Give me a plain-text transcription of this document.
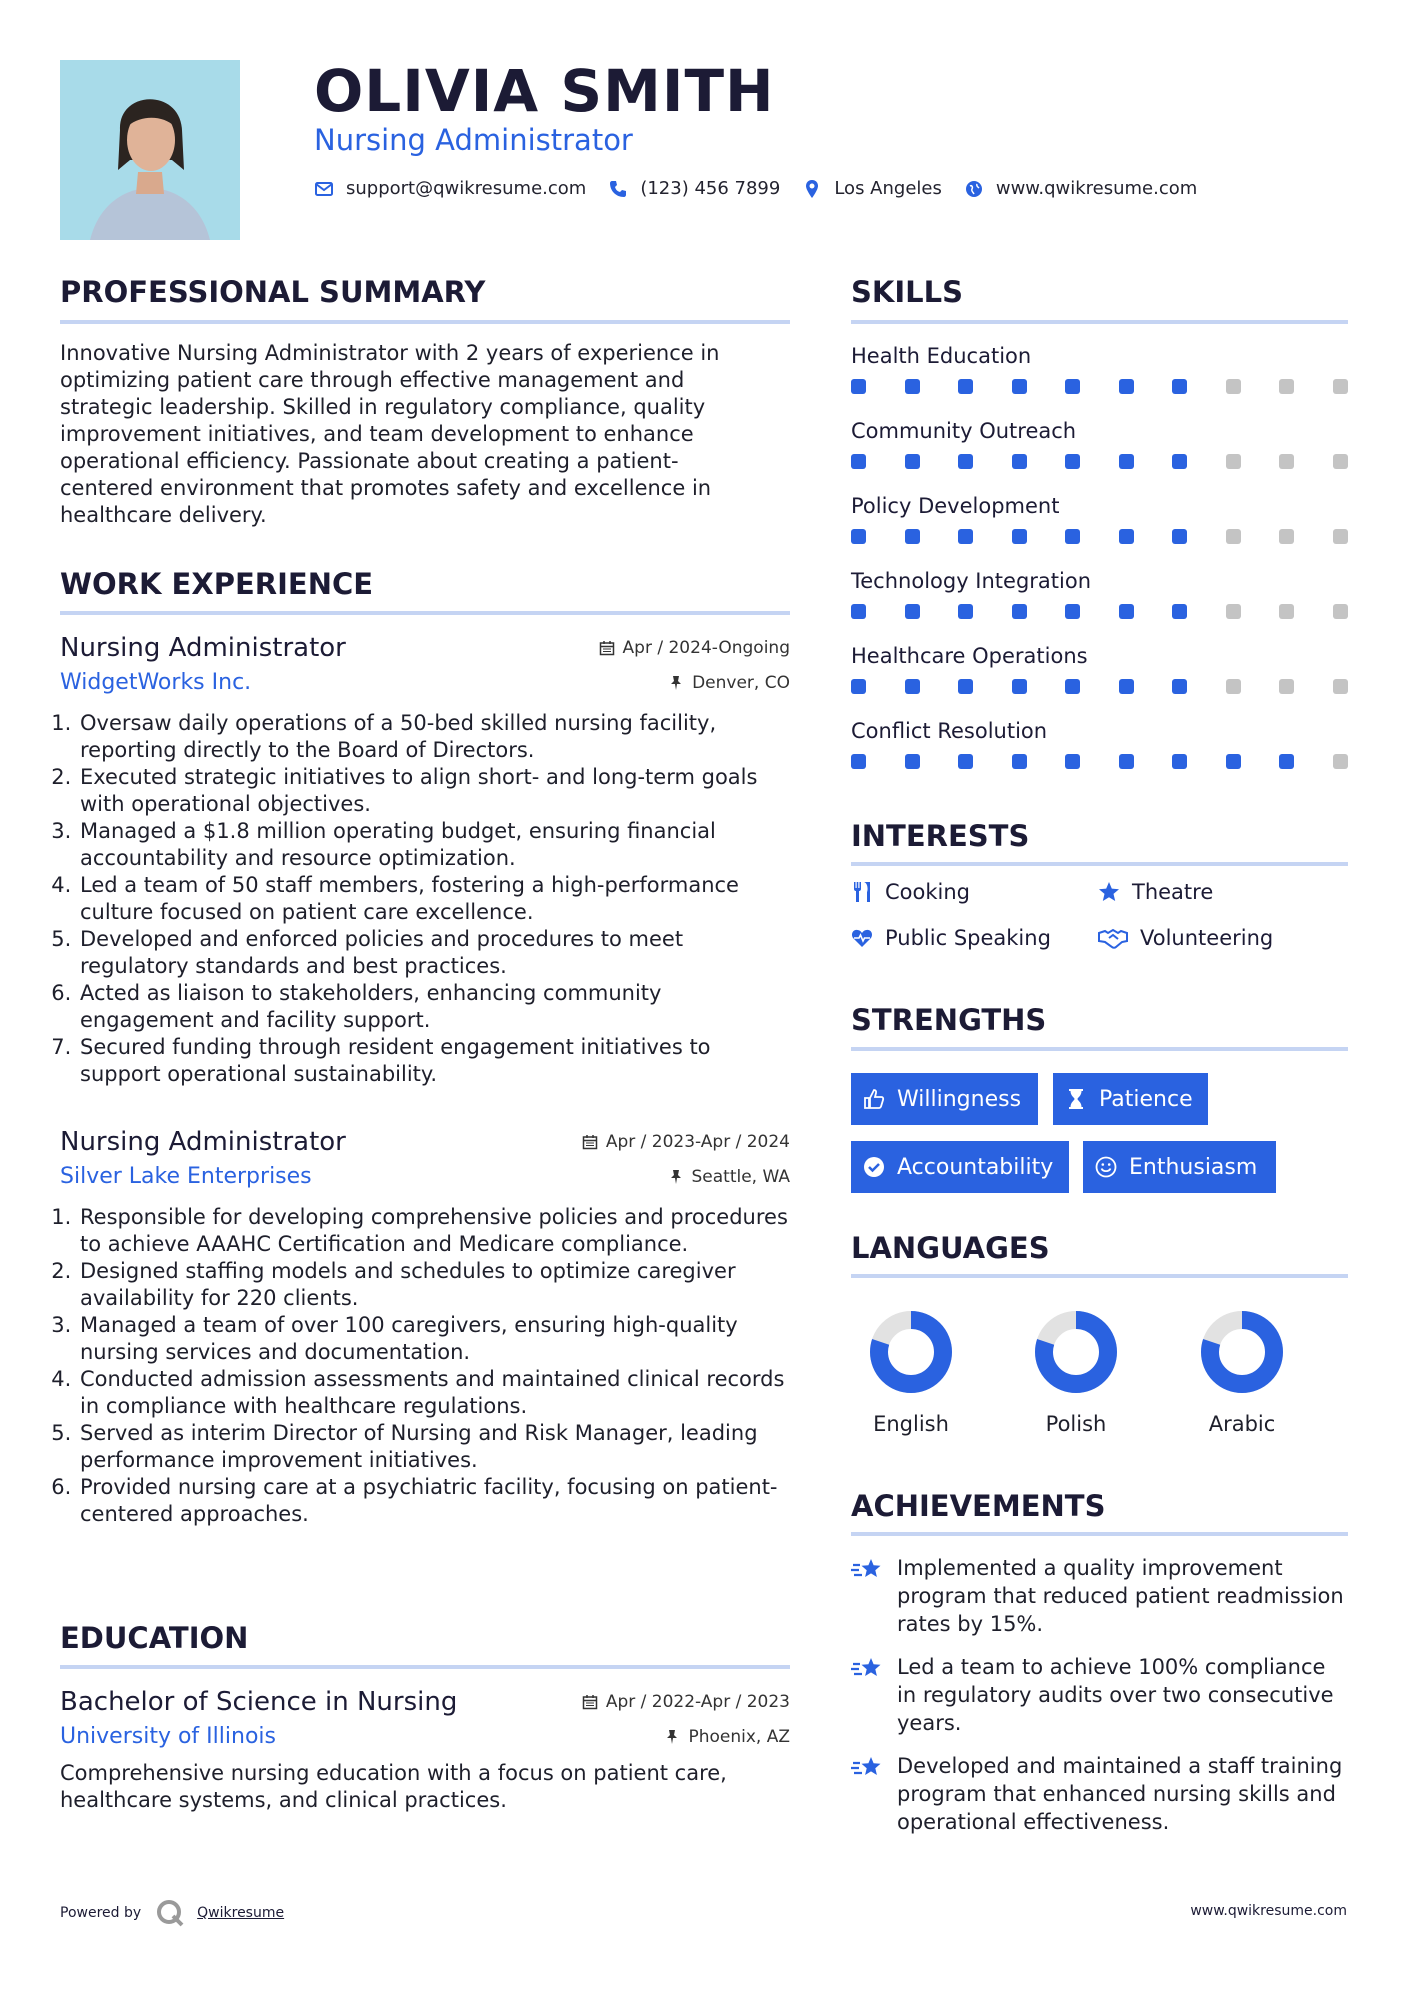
OLIVIA SMITH
Nursing Administrator
support@qwikresume.com	(123) 456 7899	Los Angeles	www.qwikresume.com
PROFESSIONAL SUMMARY
Innovative Nursing Administrator with 2 years of experience in
optimizing patient care through effective management and
strategic leadership. Skilled in regulatory compliance, quality
improvement initiatives, and team development to enhance
operational efficiency. Passionate about creating a patient-
centered environment that promotes safety and excellence in
healthcare delivery.
WORK EXPERIENCE
Nursing Administrator	Apr / 2024-Ongoing
WidgetWorks Inc.	Denver, CO
1. Oversaw daily operations of a 50-bed skilled nursing facility, reporting directly to the Board of Directors.
2. Executed strategic initiatives to align short- and long-term goals with operational objectives.
3. Managed a $1.8 million operating budget, ensuring financial accountability and resource optimization.
4. Led a team of 50 staff members, fostering a high-performance culture focused on patient care excellence.
5. Developed and enforced policies and procedures to meet regulatory standards and best practices.
6. Acted as liaison to stakeholders, enhancing community engagement and facility support.
7. Secured funding through resident engagement initiatives to support operational sustainability.
Nursing Administrator	Apr / 2023-Apr / 2024
Silver Lake Enterprises	Seattle, WA
1. Responsible for developing comprehensive policies and procedures to achieve AAAHC Certification and Medicare compliance.
2. Designed staffing models and schedules to optimize caregiver availability for 220 clients.
3. Managed a team of over 100 caregivers, ensuring high-quality nursing services and documentation.
4. Conducted admission assessments and maintained clinical records in compliance with healthcare regulations.
5. Served as interim Director of Nursing and Risk Manager, leading performance improvement initiatives.
6. Provided nursing care at a psychiatric facility, focusing on patient-centered approaches.
EDUCATION
Bachelor of Science in Nursing	Apr / 2022-Apr / 2023
University of Illinois	Phoenix, AZ
Comprehensive nursing education with a focus on patient care, healthcare systems, and clinical practices.
SKILLS
Health Education
Community Outreach
Policy Development
Technology Integration
Healthcare Operations
Conflict Resolution
INTERESTS
Cooking	Theatre
Public Speaking	Volunteering
STRENGTHS
Willingness	Patience
Accountability	Enthusiasm
LANGUAGES
English	Polish	Arabic
ACHIEVEMENTS
Implemented a quality improvement program that reduced patient readmission rates by 15%.
Led a team to achieve 100% compliance in regulatory audits over two consecutive years.
Developed and maintained a staff training program that enhanced nursing skills and operational effectiveness.
Powered by	Qwikresume	www.qwikresume.com
